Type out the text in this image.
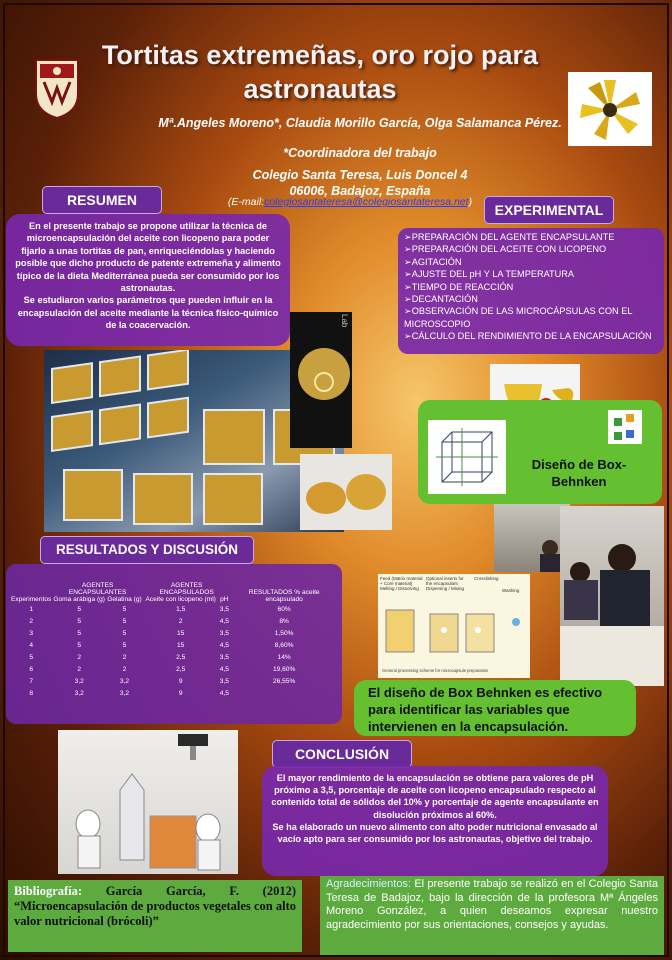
Tortitas extremeñas, oro rojo para
astronautas
Mª.Angeles Moreno*, Claudia Morillo García, Olga Salamanca Pérez.
*Coordinadora del trabajo
Colegio Santa Teresa, Luis Doncel 4
06006, Badajoz, España
(E-mail:colegiosantateresa@colegiosantateresa.net)
RESUMEN
En el presente trabajo se propone utilizar la técnica de microencapsulación del aceite con licopeno para poder fijarlo a unas tortitas de pan, enriqueciéndolas y haciendo posible que dicho producto de patente extremeña y alimento típico de la dieta Mediterránea pueda ser consumido por los astronautas.
Se estudiaron varios parámetros que pueden influir en la encapsulación del aceite mediante la técnica físico-químico de la coacervación.
EXPERIMENTAL
➢PREPARACIÓN DEL AGENTE ENCAPSULANTE
➢PREPARACIÓN DEL ACEITE CON LICOPENO
➢AGITACIÓN
➢AJUSTE DEL pH Y LA TEMPERATURA
➢TIEMPO DE REACCIÓN
➢DECANTACIÓN
➢OBSERVACIÓN DE LAS MICROCÁPSULAS CON EL
MICROSCOPIO
➢CÁLCULO DEL RENDIMIENTO DE LA ENCAPSULACIÓN
Lab
Diseño de Box-
Behnken
Feed (Matrix material + Core material) Melting / Dissolving
Optional inserts for the encapsulant Dispersing / Mixing
Crosslinking
Washing
General processing scheme for microcapsule preparation
RESULTADOS Y DISCUSIÓN
	AGENTES ENCAPSULANTES		AGENTES ENCAPSULADOS		RESULTADOS % aceite encapsulado
Experimentos	Goma arábiga (g)	Gelatina (g)	Aceite con licopeno (ml)	pH	
1	5	5	1,5	3,5	60%
2	5	5	2	4,5	8%
3	5	5	15	3,5	1,50%
4	5	5	15	4,5	8,60%
5	2	2	2,5	3,5	14%
6	2	2	2,5	4,5	19,60%
7	3,2	3,2	9	3,5	26,55%
8	3,2	3,2	9	4,5		El diseño de Box Behnken es efectivo para identificar las variables que intervienen en la encapsulación.
CONCLUSIÓN
El mayor rendimiento de la encapsulación se obtiene para valores de pH próximo a 3,5, porcentaje de aceite con licopeno encapsulado respecto al contenido total de sólidos del 10% y porcentaje de agente encapsulante en disolución próximos al 60%.
Se ha elaborado un nuevo alimento con alto poder nutricional envasado al vacío apto para ser consumido por los astronautas, objetivo del trabajo.
Bibliografía: García García, F. (2012) “Microencapsulación de productos vegetales con alto valor nutricional (brócoli)”
Agradecimientos: El presente trabajo se realizó en el Colegio Santa Teresa de Badajoz, bajo la dirección de la profesora Mª Ángeles Moreno González, a quien deseamos expresar nuestro agradecimiento por sus orientaciones, consejos y ayudas.
